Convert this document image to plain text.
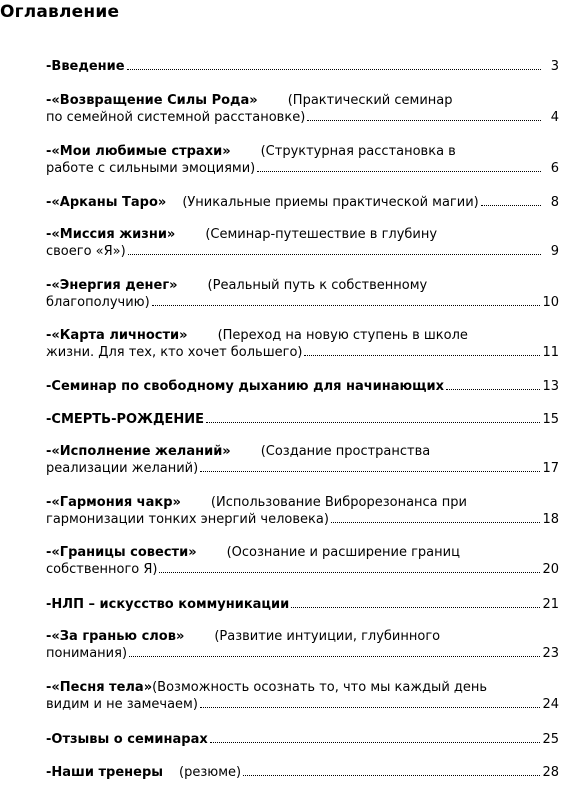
Оглавление
- Введение	3
- «Возвращение Силы Рода» (Практический семинар
по семейной системной расстановке)	4
- «Мои любимые страхи» (Структурная расстановка в
работе с сильными эмоциями)	6
- «Арканы Таро» (Уникальные приемы практической магии)	8
- «Миссия жизни» (Семинар-путешествие в глубину
своего «Я»)	9
- «Энергия денег» (Реальный путь к собственному
благополучию)	10
- «Карта личности» (Переход на новую ступень в школе
жизни. Для тех, кто хочет большего)	11
- Семинар по свободному дыханию для начинающих	13
- СМЕРТЬ-РОЖДЕНИЕ	15
- «Исполнение желаний» (Создание пространства
реализации желаний)	17
- «Гармония чакр» (Использование Виброрезонанса при
гармонизации тонких энергий человека)	18
- «Границы совести» (Осознание и расширение границ
собственного Я)	20
- НЛП – искусство коммуникации	21
- «За гранью слов» (Развитие интуиции, глубинного
понимания)	23
- «Песня тела» (Возможность осознать то, что мы каждый день
видим и не замечаем)	24
- Отзывы о семинарах	25
- Наши тренеры (резюме)	28
